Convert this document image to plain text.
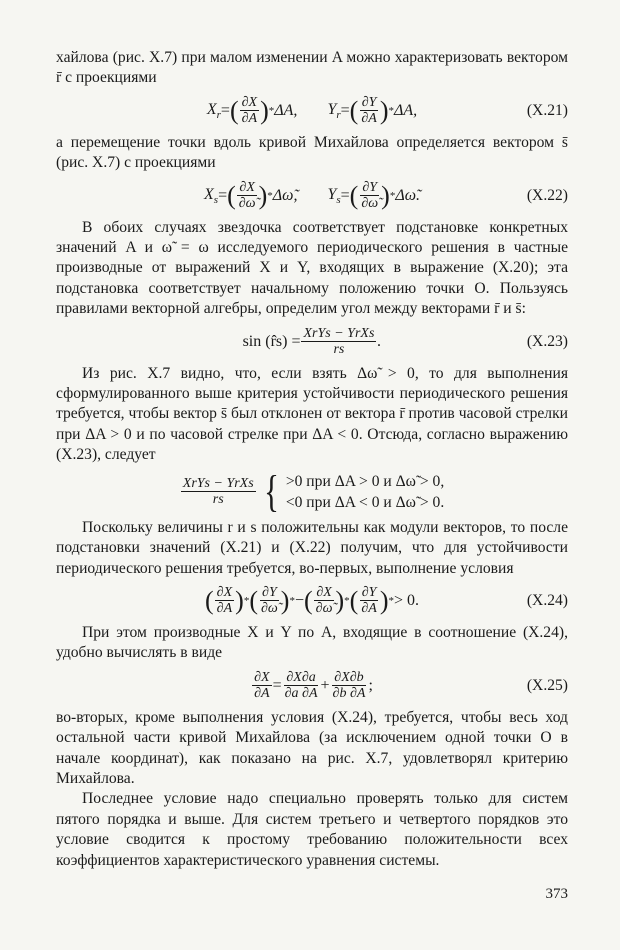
хайлова (рис. X.7) при малом изменении A можно характеризовать вектором r̄ с проекциями

$X_r$ = ( $\frac{\partial X}{\partial A}$ ) * ΔA, $Y_r$ = ( $\frac{\partial Y}{\partial A}$ ) * ΔA,	(X.21)

а перемещение точки вдоль кривой Михайлова определяется вектором s̄ (рис. X.7) с проекциями

$X_s$ = ( $\frac{\partial X}{\partial\omegã}$ ) * Δω̃, $Y_s$ = ( $\frac{\partial Y}{\partial\omegã}$ ) * Δω̃.	(X.22)

В обоих случаях звездочка соответствует подстановке конкретных значений A и ω̃ = ω исследуемого периодического решения в частные производные от выражений X и Y, входящих в выражение (X.20); эта подстановка соответствует начальному положению точки O. Пользуясь правилами векторной алгебры, определим угол между векторами r̄ и s̄:

sin (r̂s) = $\frac{\text{XrYs − YrXs}}{rs}$ .	(X.23)

Из рис. X.7 видно, что, если взять Δω̃ > 0, то для выполнения сформулированного выше критерия устойчивости периодического решения требуется, чтобы вектор s̄ был отклонен от вектора r̄ против часовой стрелки при ΔA > 0 и по часовой стрелке при ΔA < 0. Отсюда, согласно выражению (X.23), следует

$\frac{\text{XrYs − YrXs}}{rs}$ { >0 при ΔA > 0 и Δω̃ > 0,
<0 при ΔA < 0 и Δω̃ > 0.

Поскольку величины r и s положительны как модули векторов, то после подстановки значений (X.21) и (X.22) получим, что для устойчивости периодического решения требуется, во-первых, выполнение условия

( $\frac{\partial X}{\partial A}$ ) * ( $\frac{\partial Y}{\partial\omegã}$ ) * − ( $\frac{\partial X}{\partial\omegã}$ ) * ( $\frac{\partial Y}{\partial A}$ ) * > 0.	(X.24)

При этом производные X и Y по A, входящие в соотношение (X.24), удобно вычислять в виде

$\frac{\partial X}{\partial A} = \frac{\partial X\partial a}{\partial a \partial A} + \frac{\partial X\partial b}{\partial b \partial A}$ ;	(X.25)

во-вторых, кроме выполнения условия (X.24), требуется, чтобы весь ход остальной части кривой Михайлова (за исключением одной точки O в начале координат), как показано на рис. X.7, удовлетворял критерию Михайлова.

Последнее условие надо специально проверять только для систем пятого порядка и выше. Для систем третьего и четвертого порядков это условие сводится к простому требованию положительности всех коэффициентов характеристического уравнения системы.

373
